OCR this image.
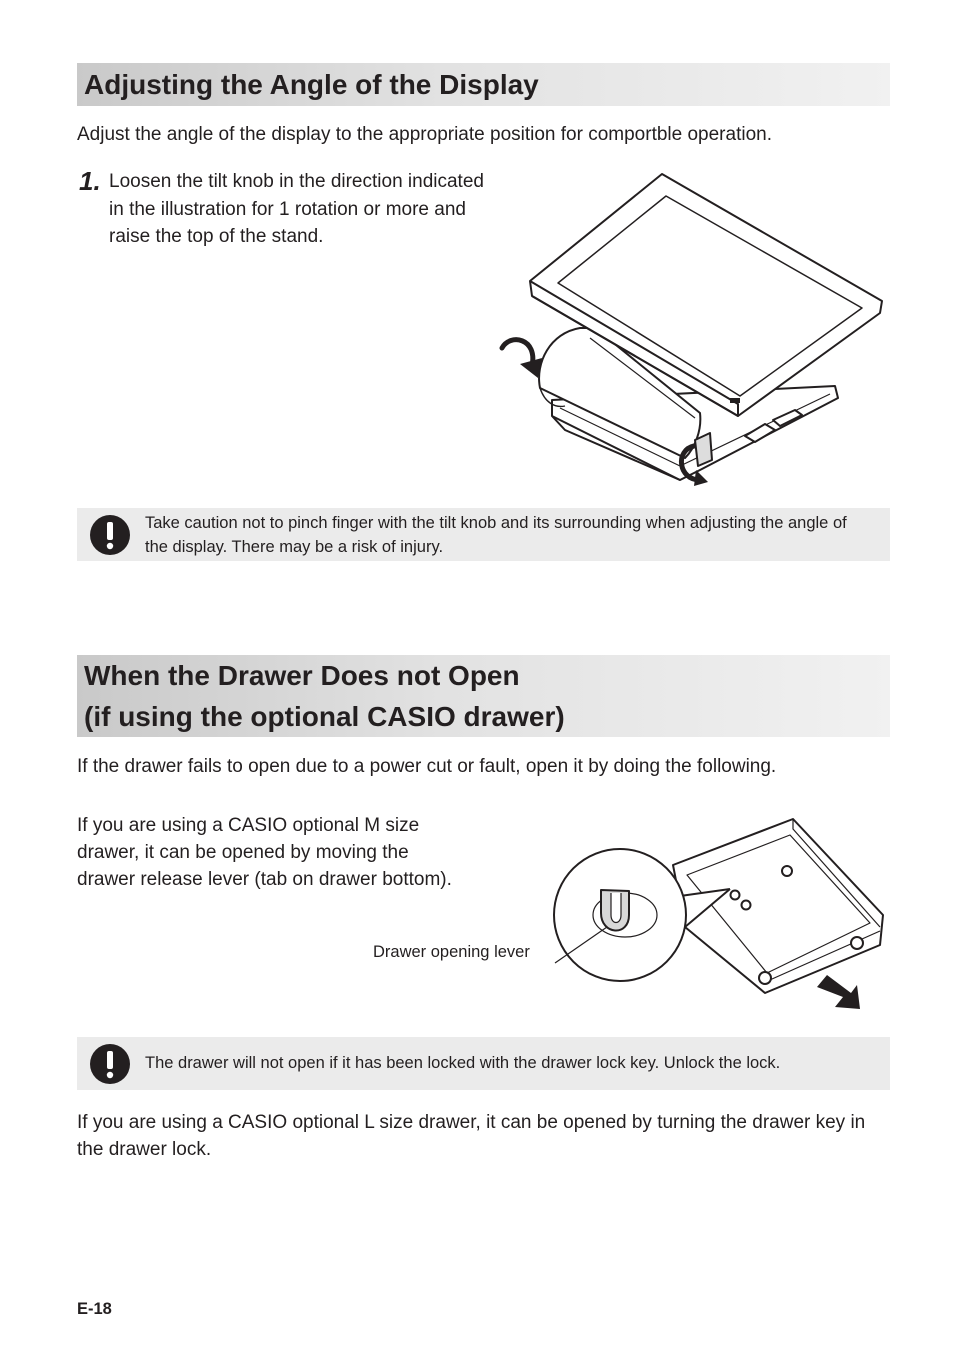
Adjusting the Angle of the Display

Adjust the angle of the display to the appropriate position for comportble operation.

1. Loosen the tilt knob in the direction indicated in the illustration for 1 rotation or more and raise the top of the stand.

Take caution not to pinch finger with the tilt knob and its surrounding when adjusting the angle of the display. There may be a risk of injury.
When the Drawer Does not Open
(if using the optional CASIO drawer)

If the drawer fails to open due to a power cut or fault, open it by doing the following.

If you are using a CASIO optional M size drawer, it can be opened by moving the drawer release lever (tab on drawer bottom).

Drawer opening lever
The drawer will not open if it has been locked with the drawer lock key. Unlock the lock.

If you are using a CASIO optional L size drawer, it can be opened by turning the drawer key in the drawer lock.

E-18
